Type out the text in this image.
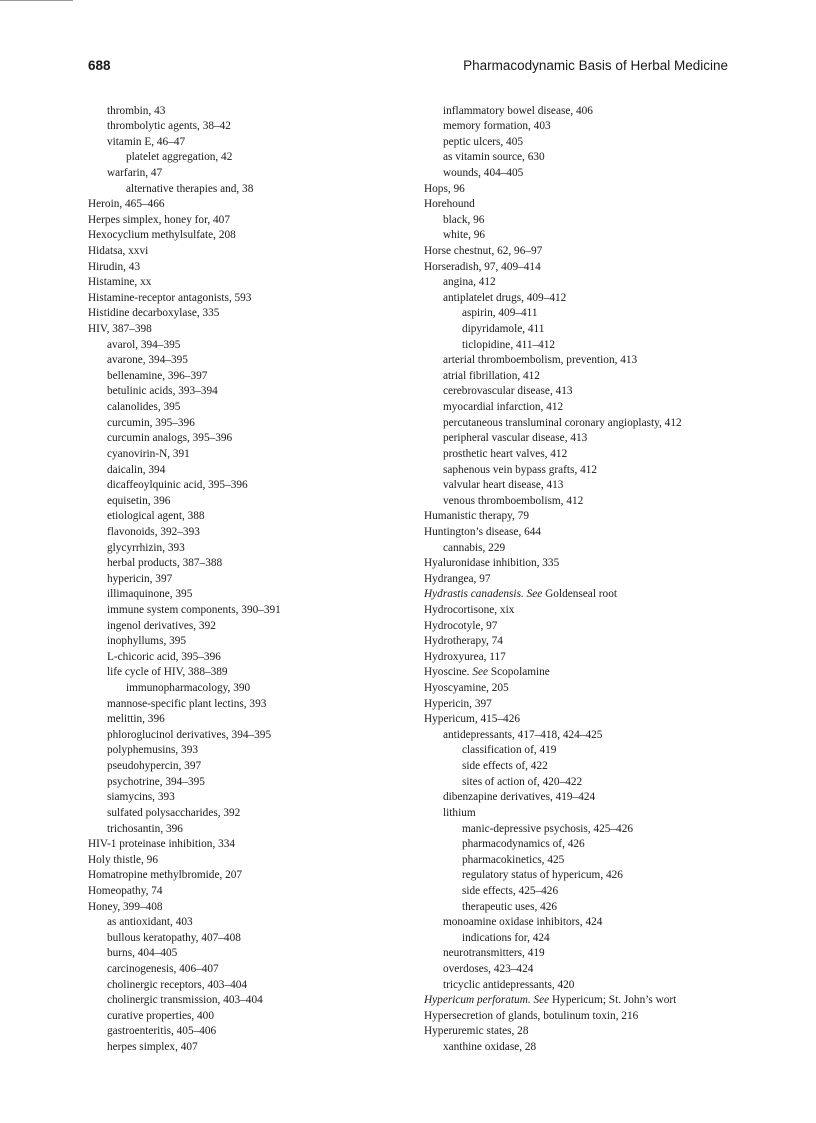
688	Pharmacodynamic Basis of Herbal Medicine
thrombin, 43
thrombolytic agents, 38–42
vitamin E, 46–47
platelet aggregation, 42
warfarin, 47
alternative therapies and, 38
Heroin, 465–466
Herpes simplex, honey for, 407
Hexocyclium methylsulfate, 208
Hidatsa, xxvi
Hirudin, 43
Histamine, xx
Histamine-receptor antagonists, 593
Histidine decarboxylase, 335
HIV, 387–398
avarol, 394–395
avarone, 394–395
bellenamine, 396–397
betulinic acids, 393–394
calanolides, 395
curcumin, 395–396
curcumin analogs, 395–396
cyanovirin-N, 391
daicalin, 394
dicaffeoylquinic acid, 395–396
equisetin, 396
etiological agent, 388
flavonoids, 392–393
glycyrrhizin, 393
herbal products, 387–388
hypericin, 397
illimaquinone, 395
immune system components, 390–391
ingenol derivatives, 392
inophyllums, 395
L-chicoric acid, 395–396
life cycle of HIV, 388–389
immunopharmacology, 390
mannose-specific plant lectins, 393
melittin, 396
phloroglucinol derivatives, 394–395
polyphemusins, 393
pseudohypercin, 397
psychotrine, 394–395
siamycins, 393
sulfated polysaccharides, 392
trichosantin, 396
HIV-1 proteinase inhibition, 334
Holy thistle, 96
Homatropine methylbromide, 207
Homeopathy, 74
Honey, 399–408
as antioxidant, 403
bullous keratopathy, 407–408
burns, 404–405
carcinogenesis, 406–407
cholinergic receptors, 403–404
cholinergic transmission, 403–404
curative properties, 400
gastroenteritis, 405–406
herpes simplex, 407
inflammatory bowel disease, 406
memory formation, 403
peptic ulcers, 405
as vitamin source, 630
wounds, 404–405
Hops, 96
Horehound
black, 96
white, 96
Horse chestnut, 62, 96–97
Horseradish, 97, 409–414
angina, 412
antiplatelet drugs, 409–412
aspirin, 409–411
dipyridamole, 411
ticlopidine, 411–412
arterial thromboembolism, prevention, 413
atrial fibrillation, 412
cerebrovascular disease, 413
myocardial infarction, 412
percutaneous transluminal coronary angioplasty, 412
peripheral vascular disease, 413
prosthetic heart valves, 412
saphenous vein bypass grafts, 412
valvular heart disease, 413
venous thromboembolism, 412
Humanistic therapy, 79
Huntington’s disease, 644
cannabis, 229
Hyaluronidase inhibition, 335
Hydrangea, 97
Hydrastis canadensis. See Goldenseal root
Hydrocortisone, xix
Hydrocotyle, 97
Hydrotherapy, 74
Hydroxyurea, 117
Hyoscine. See Scopolamine
Hyoscyamine, 205
Hypericin, 397
Hypericum, 415–426
antidepressants, 417–418, 424–425
classification of, 419
side effects of, 422
sites of action of, 420–422
dibenzapine derivatives, 419–424
lithium
manic-depressive psychosis, 425–426
pharmacodynamics of, 426
pharmacokinetics, 425
regulatory status of hypericum, 426
side effects, 425–426
therapeutic uses, 426
monoamine oxidase inhibitors, 424
indications for, 424
neurotransmitters, 419
overdoses, 423–424
tricyclic antidepressants, 420
Hypericum perforatum. See Hypericum; St. John’s wort
Hypersecretion of glands, botulinum toxin, 216
Hyperuremic states, 28
xanthine oxidase, 28
